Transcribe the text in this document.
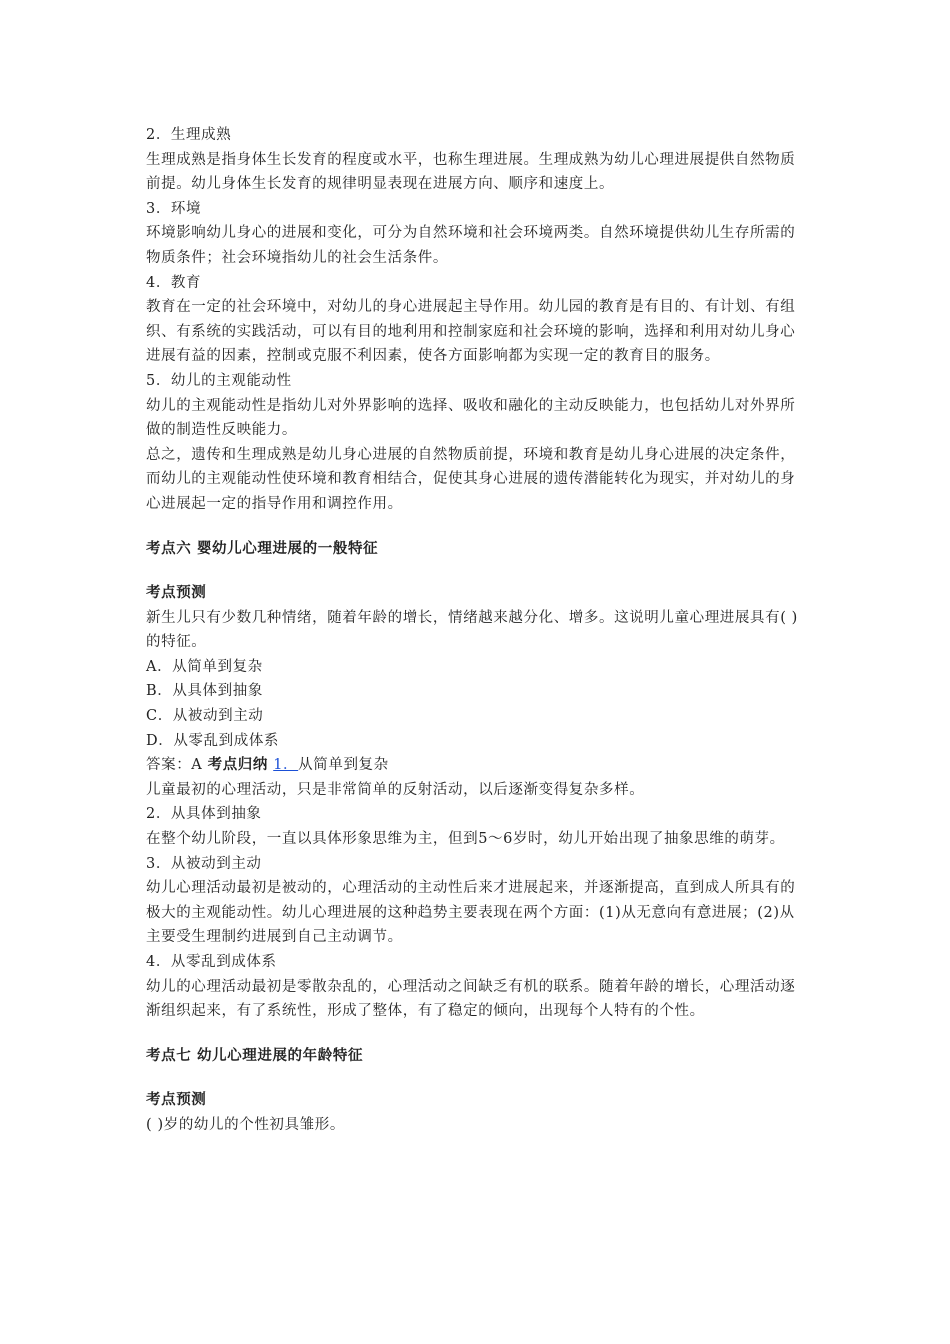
2．生理成熟

生理成熟是指身体生长发育的程度或水平，也称生理进展。生理成熟为幼儿心理进展提供自然物质前提。幼儿身体生长发育的规律明显表现在进展方向、顺序和速度上。

3．环境

环境影响幼儿身心的进展和变化，可分为自然环境和社会环境两类。自然环境提供幼儿生存所需的物质条件；社会环境指幼儿的社会生活条件。

4．教育

教育在一定的社会环境中，对幼儿的身心进展起主导作用。幼儿园的教育是有目的、有计划、有组织、有系统的实践活动，可以有目的地利用和控制家庭和社会环境的影响，选择和利用对幼儿身心进展有益的因素，控制或克服不利因素，使各方面影响都为实现一定的教育目的服务。

5．幼儿的主观能动性

幼儿的主观能动性是指幼儿对外界影响的选择、吸收和融化的主动反映能力，也包括幼儿对外界所做的制造性反映能力。

总之，遗传和生理成熟是幼儿身心进展的自然物质前提，环境和教育是幼儿身心进展的决定条件，而幼儿的主观能动性使环境和教育相结合，促使其身心进展的遗传潜能转化为现实，并对幼儿的身心进展起一定的指导作用和调控作用。

考点六 婴幼儿心理进展的一般特征

考点预测

新生儿只有少数几种情绪，随着年龄的增长，情绪越来越分化、增多。这说明儿童心理进展具有( )的特征。

A．从简单到复杂

B．从具体到抽象

C．从被动到主动

D．从零乱到成体系

答案：A 考点归纳 1．从简单到复杂

儿童最初的心理活动，只是非常简单的反射活动，以后逐渐变得复杂多样。

2．从具体到抽象

在整个幼儿阶段，一直以具体形象思维为主，但到5～6岁时，幼儿开始出现了抽象思维的萌芽。

3．从被动到主动

幼儿心理活动最初是被动的，心理活动的主动性后来才进展起来，并逐渐提高，直到成人所具有的极大的主观能动性。幼儿心理进展的这种趋势主要表现在两个方面：(1)从无意向有意进展；(2)从主要受生理制约进展到自己主动调节。

4．从零乱到成体系

幼儿的心理活动最初是零散杂乱的，心理活动之间缺乏有机的联系。随着年龄的增长，心理活动逐渐组织起来，有了系统性，形成了整体，有了稳定的倾向，出现每个人特有的个性。

考点七 幼儿心理进展的年龄特征

考点预测

( )岁的幼儿的个性初具雏形。
